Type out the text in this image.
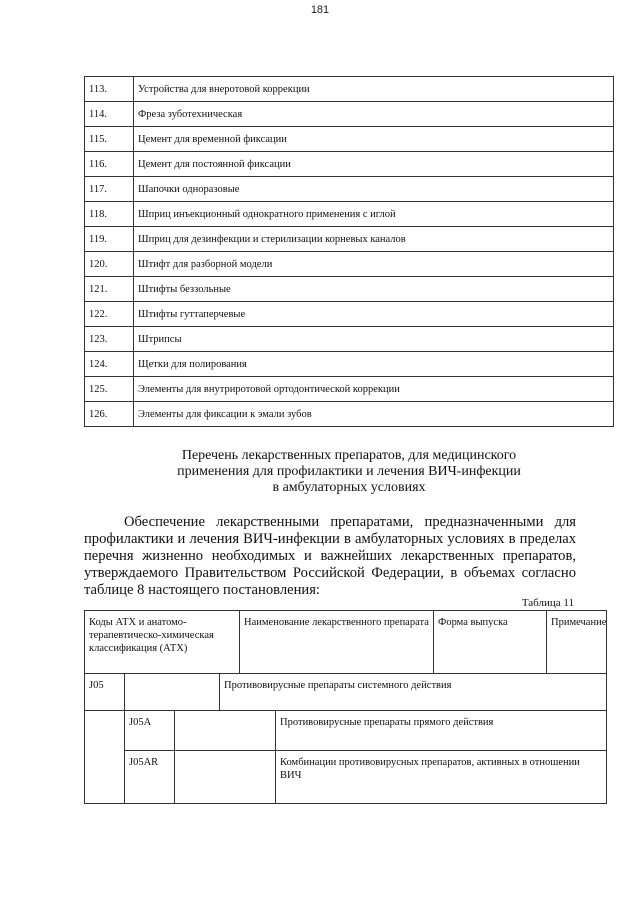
181
113.	Устройства для внеротовой коррекции
114.	Фреза зуботехническая
115.	Цемент для временной фиксации
116.	Цемент для постоянной фиксации
117.	Шапочки одноразовые
118.	Шприц инъекционный однократного применения с иглой
119.	Шприц для дезинфекции и стерилизации корневых каналов
120.	Штифт для разборной модели
121.	Штифты беззольные
122.	Штифты гуттаперчевые
123.	Штрипсы
124.	Щетки для полирования
125.	Элементы для внутриротовой ортодонтической коррекции
126.	Элементы для фиксации к эмали зубов
Перечень лекарственных препаратов, для медицинского
применения для профилактики и лечения ВИЧ-инфекции
в амбулаторных условиях
Обеспечение лекарственными препаратами, предназначенными для профилактики и лечения ВИЧ-инфекции в амбулаторных условиях в пределах перечня жизненно необходимых и важнейших лекарственных препаратов, утверждаемого Правительством Российской Федерации, в объемах согласно таблице 8 настоящего постановления:
Таблица 11
Коды АТХ и анатомо-терапевтическо-химическая классификация (АТХ)				Наименование лекарственного препарата		Форма выпуска	Примечание
J05			Противовирусные препараты системного действия				
	J05A				Противовирусные препараты прямого действия		
	J05AR				Комбинации противовирусных препаратов, активных в отношении ВИЧ		
